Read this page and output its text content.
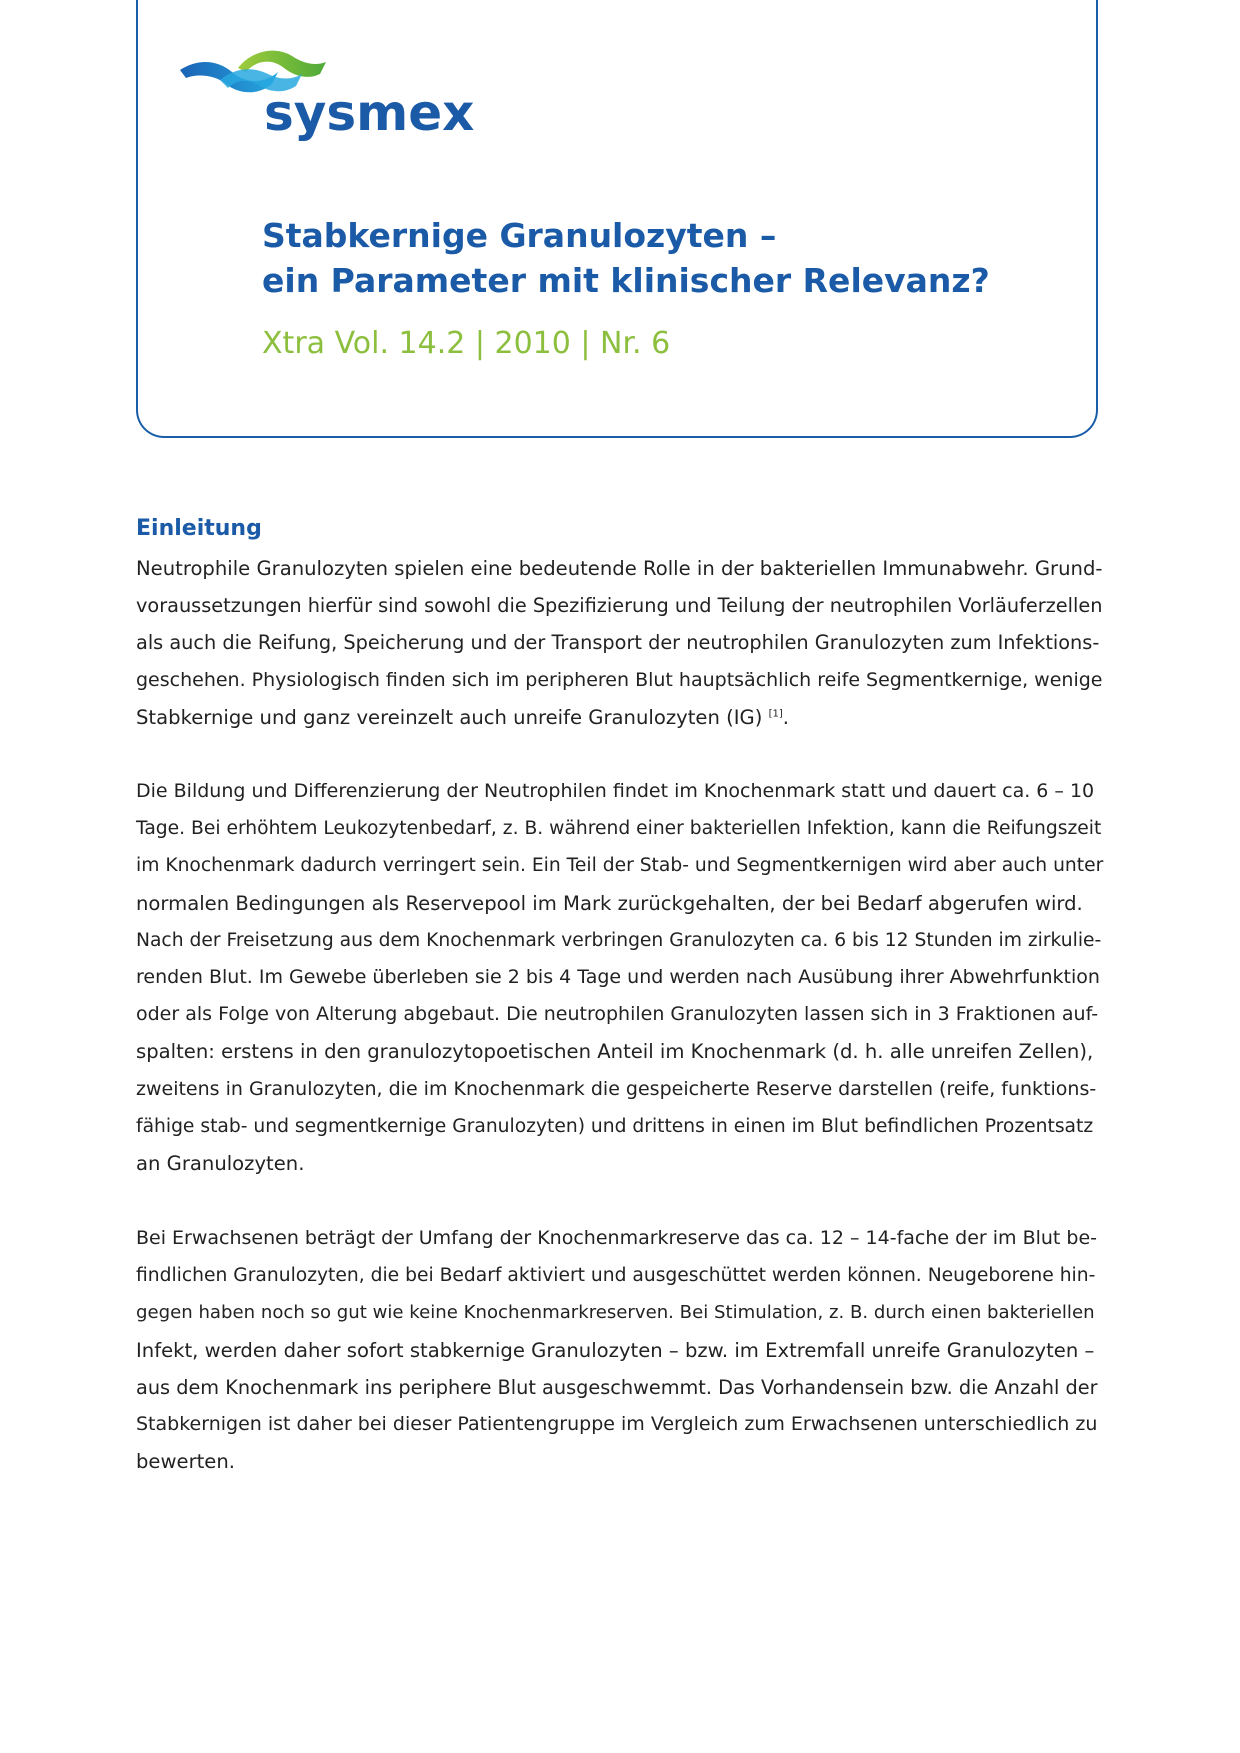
sysmex
Stabkernige Granulozyten –
ein Parameter mit klinischer Relevanz?
Xtra Vol. 14.2 | 2010 | Nr. 6
Einleitung

Neutrophile Granulozyten spielen eine bedeutende Rolle in der bakteriellen Immunabwehr. Grund-
voraussetzungen hierfür sind sowohl die Spezifizierung und Teilung der neutrophilen Vorläuferzellen
als auch die Reifung, Speicherung und der Transport der neutrophilen Granulozyten zum Infektions-
geschehen. Physiologisch finden sich im peripheren Blut hauptsächlich reife Segmentkernige, wenige
Stabkernige und ganz vereinzelt auch unreife Granulozyten (IG) [1].

Die Bildung und Differenzierung der Neutrophilen findet im Knochenmark statt und dauert ca. 6 – 10
Tage. Bei erhöhtem Leukozytenbedarf, z. B. während einer bakteriellen Infektion, kann die Reifungszeit
im Knochenmark dadurch verringert sein. Ein Teil der Stab- und Segmentkernigen wird aber auch unter
normalen Bedingungen als Reservepool im Mark zurückgehalten, der bei Bedarf abgerufen wird.
Nach der Freisetzung aus dem Knochenmark verbringen Granulozyten ca. 6 bis 12 Stunden im zirkulie-
renden Blut. Im Gewebe überleben sie 2 bis 4 Tage und werden nach Ausübung ihrer Abwehrfunktion
oder als Folge von Alterung abgebaut. Die neutrophilen Granulozyten lassen sich in 3 Fraktionen auf-
spalten: erstens in den granulozytopoetischen Anteil im Knochenmark (d. h. alle unreifen Zellen),
zweitens in Granulozyten, die im Knochenmark die gespeicherte Reserve darstellen (reife, funktions-
fähige stab- und segmentkernige Granulozyten) und drittens in einen im Blut befindlichen Prozentsatz
an Granulozyten.

Bei Erwachsenen beträgt der Umfang der Knochenmarkreserve das ca. 12 – 14-fache der im Blut be-
findlichen Granulozyten, die bei Bedarf aktiviert und ausgeschüttet werden können. Neugeborene hin-
gegen haben noch so gut wie keine Knochenmarkreserven. Bei Stimulation, z. B. durch einen bakteriellen
Infekt, werden daher sofort stabkernige Granulozyten – bzw. im Extremfall unreife Granulozyten –
aus dem Knochenmark ins periphere Blut ausgeschwemmt. Das Vorhandensein bzw. die Anzahl der
Stabkernigen ist daher bei dieser Patientengruppe im Vergleich zum Erwachsenen unterschiedlich zu
bewerten.
